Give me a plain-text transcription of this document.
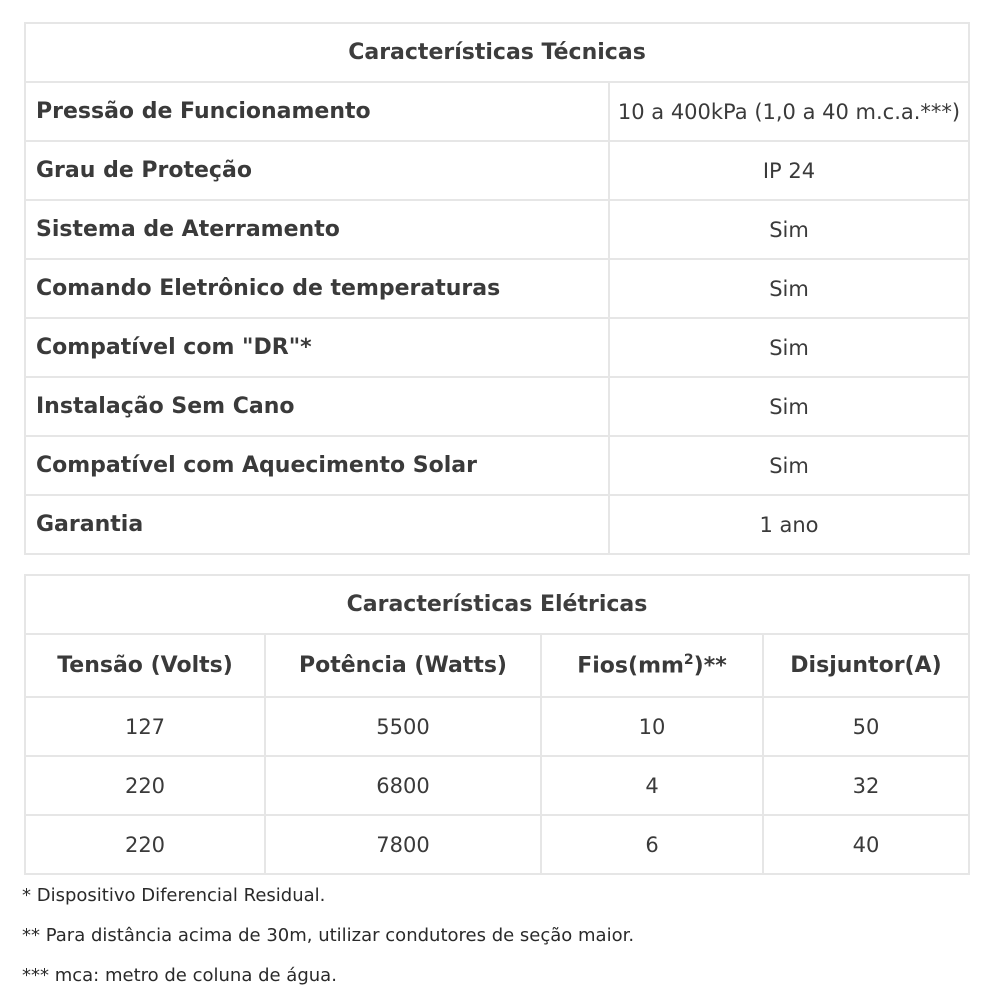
Características Técnicas	
Pressão de Funcionamento	10 a 400kPa (1,0 a 40 m.c.a.***)
Grau de Proteção	IP 24
Sistema de Aterramento	Sim
Comando Eletrônico de temperaturas	Sim
Compatível com "DR"*	Sim
Instalação Sem Cano	Sim
Compatível com Aquecimento Solar	Sim
Garantia	1 ano
Características Elétricas			
Tensão (Volts)	Potência (Watts)	$Fios(mm^2)**$	Disjuntor(A)
127	5500	10	50
220	6800	4	32
220	7800	6	40
* Dispositivo Diferencial Residual.
** Para distância acima de 30m, utilizar condutores de seção maior.
*** mca: metro de coluna de água.
